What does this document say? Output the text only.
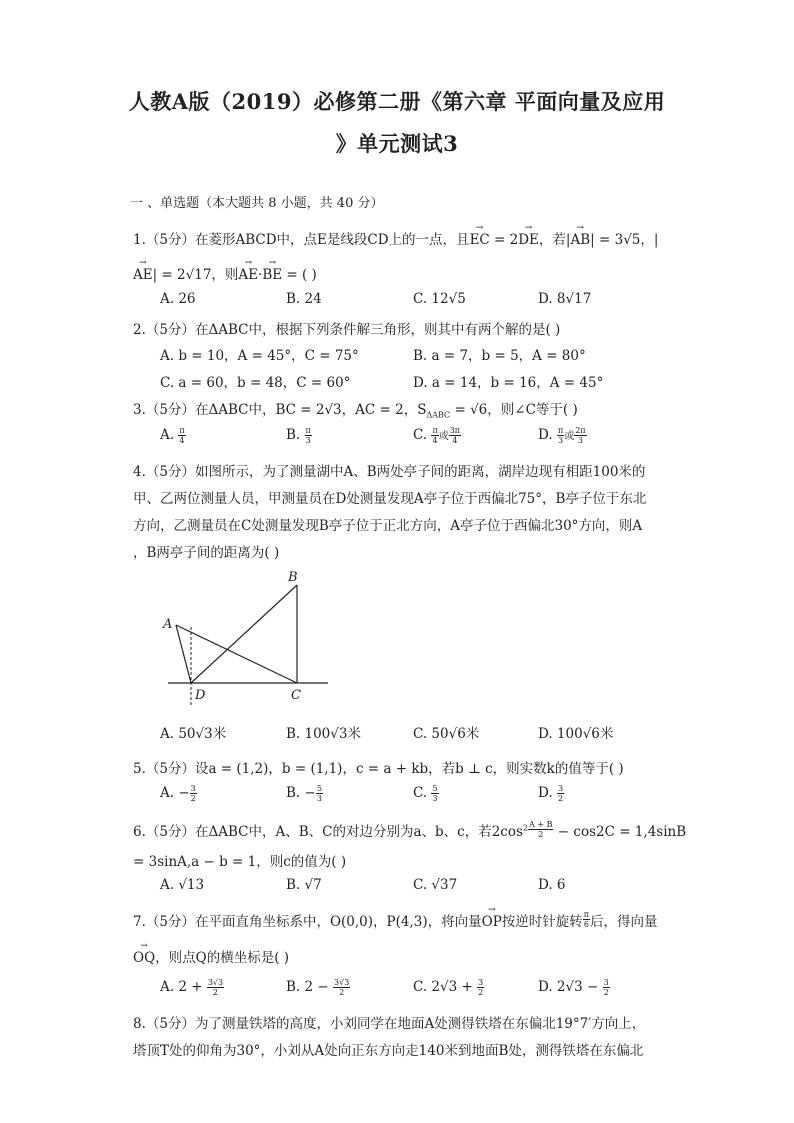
人教A版（2019）必修第二册《第六章 平面向量及应用
》单元测试3
一 、单选题（本大题共 8 小题，共 40 分）
1.（5分）在菱形ABCD中，点E是线段CD上的一点，且→ EC = 2→ DE，若|→ AB| = 3√5，|
→ AE| = 2√17，则→ AE·→ BE = ( )
A. 26	B. 24	C. 12√5	D. 8√17
2.（5分）在ΔABC中，根据下列条件解三角形，则其中有两个解的是( )
A. b = 10，A = 45°，C = 75°	B. a = 7，b = 5，A = 80°
C. a = 60，b = 48，C = 60°	D. a = 14，b = 16，A = 45°
3.（5分）在ΔABC中，BC = 2√3，AC = 2，$S_{\Delta ABC} = √6$，则∠C等于( )
A. $\frac{\pi}{4}$	B. $\frac{\pi}{3}$	C. $\frac{\pi}{4}$ 或 $\frac{3\pi}{4}$	D. $\frac{\pi}{3}$ 或 $\frac{2\pi}{3}$
4.（5分）如图所示，为了测量湖中A、B两处亭子间的距离，湖岸边现有相距100米的
甲、乙两位测量人员，甲测量员在D处测量发现A亭子位于西偏北75°，B亭子位于东北
方向，乙测量员在C处测量发现B亭子位于正北方向，A亭子位于西偏北30°方向，则A
，B两亭子间的距离为( )
A
B
C
D
A. 50√3米	B. 100√3米	C. 50√6米	D. 100√6米
5.（5分）设a = (1,2)，b = (1,1)，c = a + kb，若b ⊥ c，则实数k的值等于( )
A. − $\frac{3}{2}$	B. − $\frac{5}{3}$	C. $\frac{5}{3}$	D. $\frac{3}{2}$
6.（5分）在ΔABC中，A、B、C的对边分别为a、b、c，若$2\cos^2 \frac{A + B}{2} - \cos 2C = 1,4\sin B$
= 3sinA,a − b = 1，则c的值为( )
A. √13	B. √7	C. √37	D. 6
7.（5分）在平面直角坐标系中，O(0,0)，P(4,3)，将向量→ OP按逆时针旋转 $\frac{\pi}{6}$ 后，得向量
→ OQ，则点Q的横坐标是( )
A. $2 + \frac{3√3}{2}$	B. $2 - \frac{3√3}{2}$	C. $2√3 + \frac{3}{2}$	D. $2√3 - \frac{3}{2}$
8.（5分）为了测量铁塔的高度，小刘同学在地面A处测得铁塔在东偏北19°7′方向上，
塔顶T处的仰角为30°，小刘从A处向正东方向走140米到地面B处，测得铁塔在东偏北
